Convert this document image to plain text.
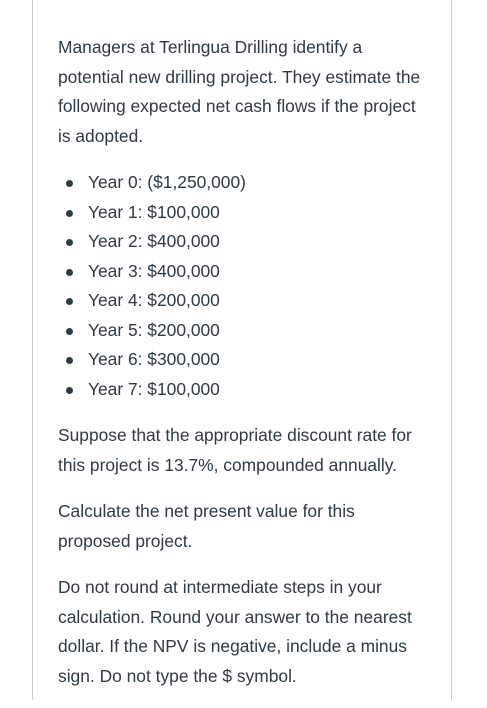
Managers at Terlingua Drilling identify a potential new drilling project. They estimate the following expected net cash flows if the project is adopted.

Year 0: ($1,250,000)
Year 1: $100,000
Year 2: $400,000
Year 3: $400,000
Year 4: $200,000
Year 5: $200,000
Year 6: $300,000
Year 7: $100,000

Suppose that the appropriate discount rate for this project is 13.7%, compounded annually.

Calculate the net present value for this proposed project.

Do not round at intermediate steps in your calculation. Round your answer to the nearest dollar. If the NPV is negative, include a minus sign. Do not type the $ symbol.
